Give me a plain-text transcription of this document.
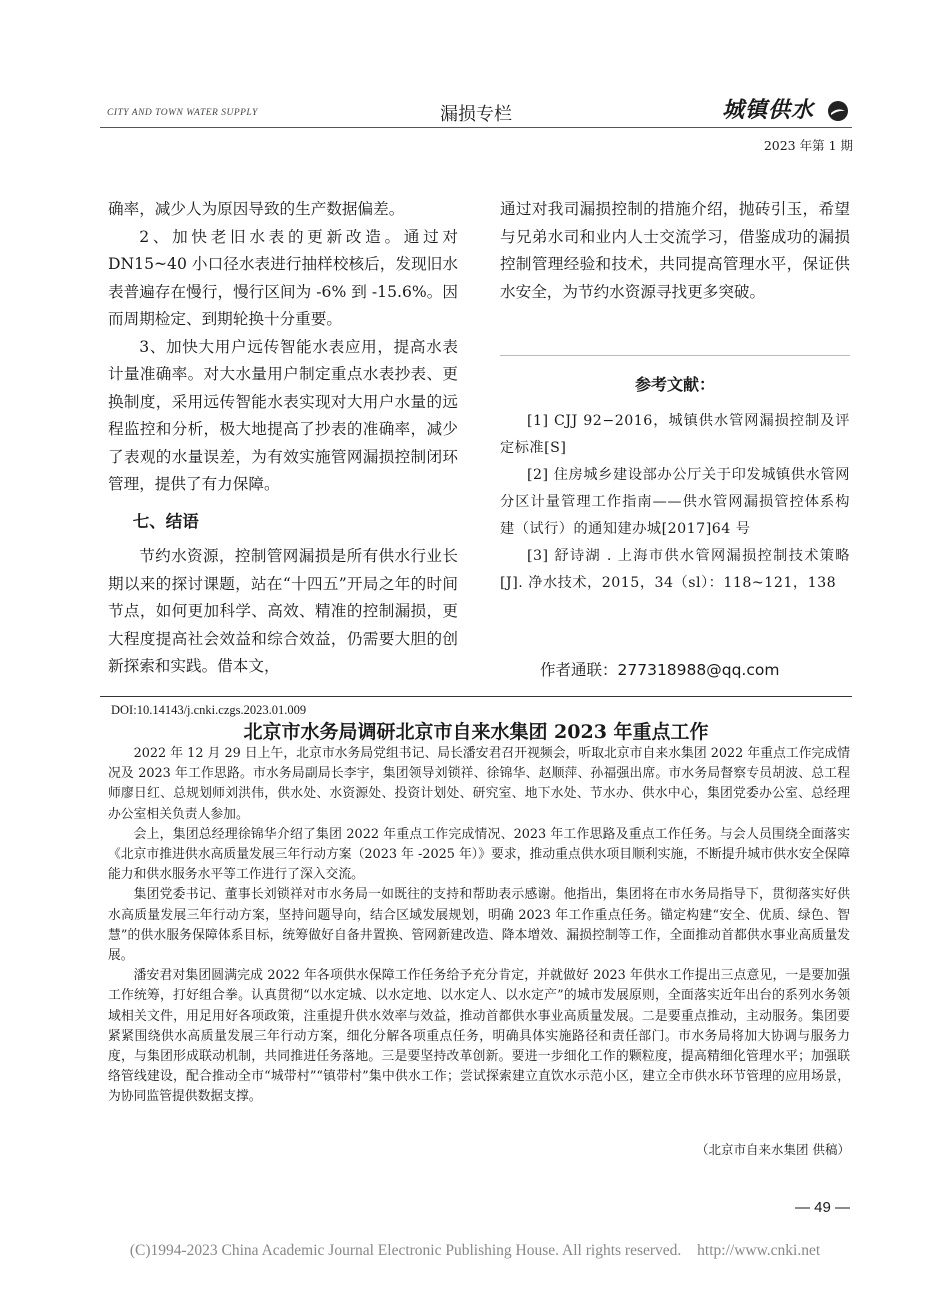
CITY AND TOWN WATER SUPPLY	漏损专栏	城镇供水
2023 年第 1 期

确率，减少人为原因导致的生产数据偏差。

2、加快老旧水表的更新改造。通过对 DN15~40 小口径水表进行抽样校核后，发现旧水表普遍存在慢行，慢行区间为 -6% 到 -15.6%。因而周期检定、到期轮换十分重要。

3、加快大用户远传智能水表应用，提高水表计量准确率。对大水量用户制定重点水表抄表、更换制度，采用远传智能水表实现对大用户水量的远程监控和分析，极大地提高了抄表的准确率，减少了表观的水量误差，为有效实施管网漏损控制闭环管理，提供了有力保障。

七、结语

节约水资源，控制管网漏损是所有供水行业长期以来的探讨课题，站在“十四五”开局之年的时间节点，如何更加科学、高效、精准的控制漏损，更大程度提高社会效益和综合效益，仍需要大胆的创新探索和实践。借本文，

通过对我司漏损控制的措施介绍，抛砖引玉，希望与兄弟水司和业内人士交流学习，借鉴成功的漏损控制管理经验和技术，共同提高管理水平，保证供水安全，为节约水资源寻找更多突破。

参考文献：

[1] CJJ 92−2016，城镇供水管网漏损控制及评定标准[S]

[2] 住房城乡建设部办公厅关于印发城镇供水管网分区计量管理工作指南——供水管网漏损管控体系构建（试行）的通知建办城[2017]64 号

[3] 舒诗湖 . 上海市供水管网漏损控制技术策略 [J]. 净水技术，2015，34（sl）：118~121，138

作者通联：277318988@qq.com
DOI:10.14143/j.cnki.czgs.2023.01.009
北京市水务局调研北京市自来水集团 2023 年重点工作

2022 年 12 月 29 日上午，北京市水务局党组书记、局长潘安君召开视频会，听取北京市自来水集团 2022 年重点工作完成情况及 2023 年工作思路。市水务局副局长李宇，集团领导刘锁祥、徐锦华、赵顺萍、孙福强出席。市水务局督察专员胡波、总工程师廖日红、总规划师刘洪伟，供水处、水资源处、投资计划处、研究室、地下水处、节水办、供水中心，集团党委办公室、总经理办公室相关负责人参加。

会上，集团总经理徐锦华介绍了集团 2022 年重点工作完成情况、2023 年工作思路及重点工作任务。与会人员围绕全面落实《北京市推进供水高质量发展三年行动方案（2023 年 -2025 年）》要求，推动重点供水项目顺利实施，不断提升城市供水安全保障能力和供水服务水平等工作进行了深入交流。

集团党委书记、董事长刘锁祥对市水务局一如既往的支持和帮助表示感谢。他指出，集团将在市水务局指导下，贯彻落实好供水高质量发展三年行动方案，坚持问题导向，结合区域发展规划，明确 2023 年工作重点任务。锚定构建“安全、优质、绿色、智慧”的供水服务保障体系目标，统筹做好自备井置换、管网新建改造、降本增效、漏损控制等工作，全面推动首都供水事业高质量发展。

潘安君对集团圆满完成 2022 年各项供水保障工作任务给予充分肯定，并就做好 2023 年供水工作提出三点意见，一是要加强工作统筹，打好组合拳。认真贯彻“以水定城、以水定地、以水定人、以水定产”的城市发展原则，全面落实近年出台的系列水务领域相关文件，用足用好各项政策，注重提升供水效率与效益，推动首都供水事业高质量发展。二是要重点推动，主动服务。集团要紧紧围绕供水高质量发展三年行动方案，细化分解各项重点任务，明确具体实施路径和责任部门。市水务局将加大协调与服务力度，与集团形成联动机制，共同推进任务落地。三是要坚持改革创新。要进一步细化工作的颗粒度，提高精细化管理水平；加强联络管线建设，配合推动全市“城带村”“镇带村”集中供水工作；尝试探索建立直饮水示范小区，建立全市供水环节管理的应用场景，为协同监管提供数据支撑。

（北京市自来水集团 供稿）
— 49 —
(C)1994-2023 China Academic Journal Electronic Publishing House. All rights reserved. http://www.cnki.net
